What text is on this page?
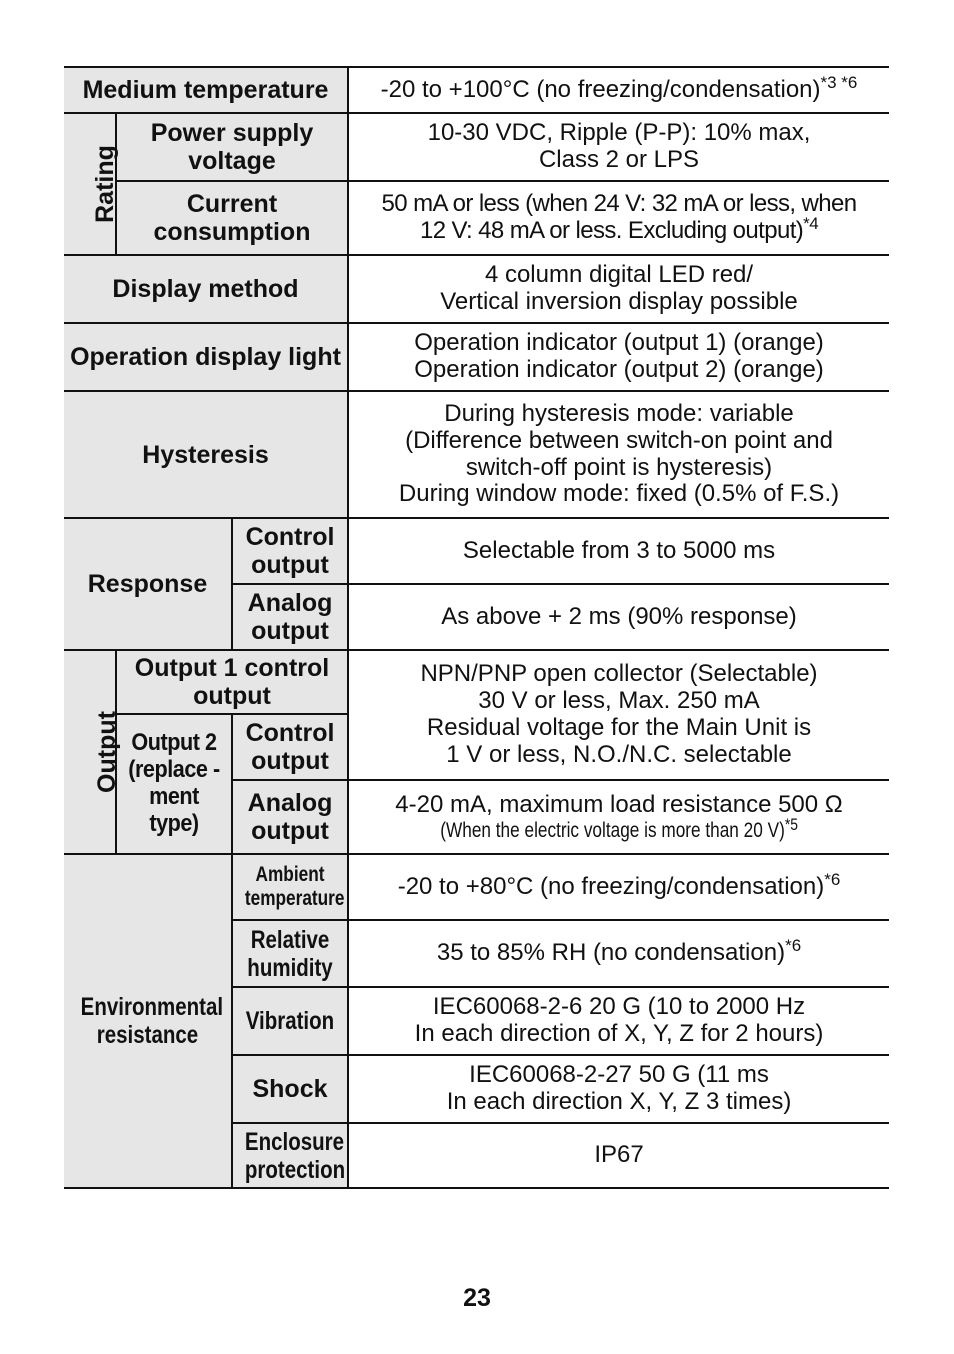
Medium temperature			-20 to +100°C (no freezing/condensation)$^{*3 *6}$
Rating	Power supply voltage		10-30 VDC, Ripple (P-P): 10% max,
Class 2 or LPS

	Current consumption		50 mA or less (when 24 V: 32 mA or less, when
12 V: 48 mA or less. Excluding output)$^{*4}$

Display method			4 column digital LED red/
Vertical inversion display possible

Operation display light			Operation indicator (output 1) (orange)
Operation indicator (output 2) (orange)

Hysteresis			During hysteresis mode: variable
(Difference between switch-on point and
switch-off point is hysteresis)
During window mode: fixed (0.5% of F.S.)

Response		Control output	Selectable from 3 to 5000 ms
		Analog output	As above + 2 ms (90% response)
Output	Output 1 control output		NPN/PNP open collector (Selectable)
30 V or less, Max. 250 mA
Residual voltage for the Main Unit is
1 V or less, N.O./N.C. selectable

	Output 2 (replace -ment type)	Control output	
		Analog output	4-20 mA, maximum load resistance 500 Ω
(When the electric voltage is more than 20 V)$^{*5}$

Environmental resistance		Ambient temperature	-20 to +80°C (no freezing/condensation)$^{*6}$

		Relative humidity	35 to 85% RH (no condensation)$^{*6}$
		Vibration	IEC60068-2-6 20 G (10 to 2000 Hz
In each direction of X, Y, Z for 2 hours)

		Shock	IEC60068-2-27 50 G (11 ms
In each direction X, Y, Z 3 times)

		Enclosure protection	IP67
23
